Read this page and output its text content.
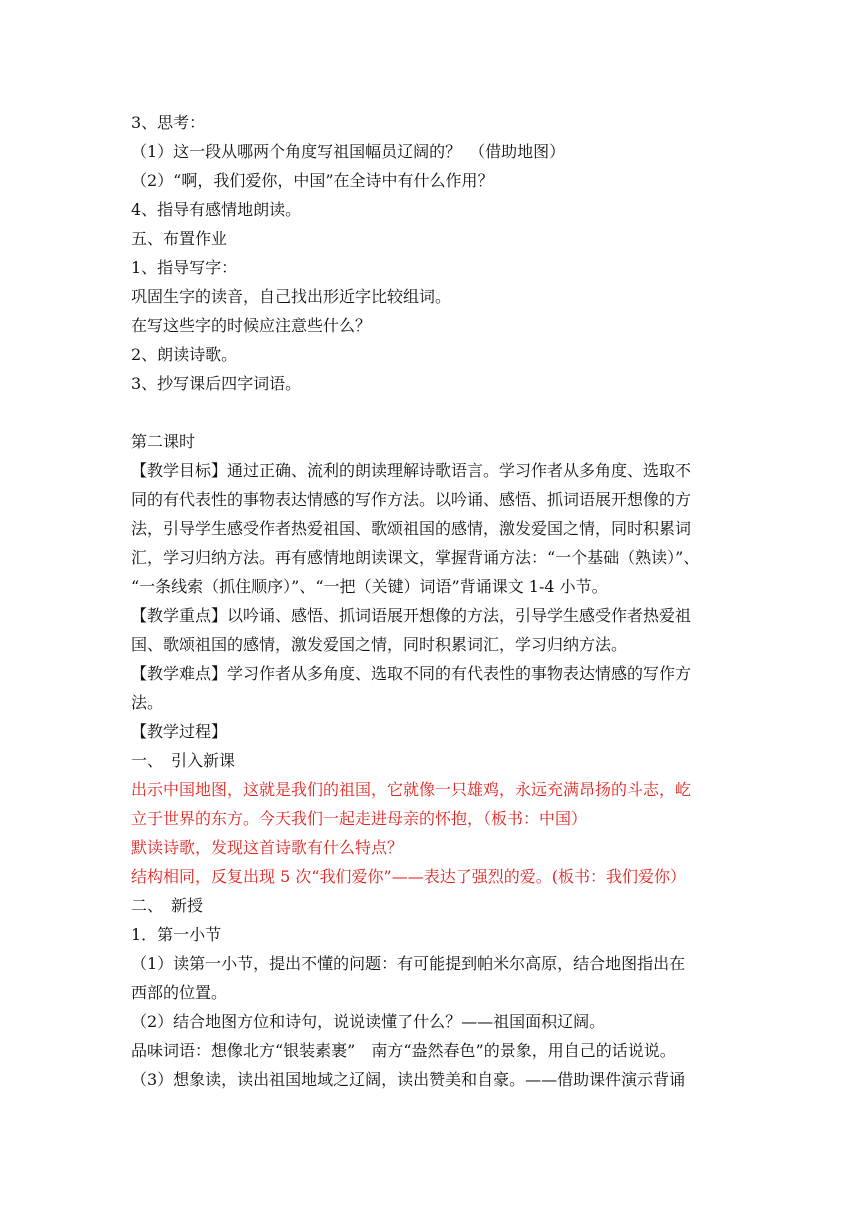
3、思考：
（1）这一段从哪两个角度写祖国幅员辽阔的？　（借助地图）
（2）“啊，我们爱你，中国”在全诗中有什么作用？
4、指导有感情地朗读。
五、布置作业
1、指导写字：
巩固生字的读音，自己找出形近字比较组词。
在写这些字的时候应注意些什么？
2、朗读诗歌。
3、抄写课后四字词语。
第二课时
【教学目标】通过正确、流利的朗读理解诗歌语言。学习作者从多角度、选取不
同的有代表性的事物表达情感的写作方法。以吟诵、感悟、抓词语展开想像的方
法，引导学生感受作者热爱祖国、歌颂祖国的感情，激发爱国之情，同时积累词
汇，学习归纳方法。再有感情地朗读课文，掌握背诵方法：“一个基础（熟读）”、
“一条线索（抓住顺序）”、“一把（关键）词语”背诵课文 1-4 小节。
【教学重点】以吟诵、感悟、抓词语展开想像的方法，引导学生感受作者热爱祖
国、歌颂祖国的感情，激发爱国之情，同时积累词汇，学习归纳方法。
【教学难点】学习作者从多角度、选取不同的有代表性的事物表达情感的写作方
法。
【教学过程】
一、　引入新课
出示中国地图，这就是我们的祖国，它就像一只雄鸡，永远充满昂扬的斗志，屹
立于世界的东方。今天我们一起走进母亲的怀抱，（板书：中国）
默读诗歌，发现这首诗歌有什么特点？
结构相同，反复出现 5 次“我们爱你”——表达了强烈的爱。(板书：我们爱你）
二、　新授
1．第一小节
（1）读第一小节，提出不懂的问题：有可能提到帕米尔高原，结合地图指出在
西部的位置。
（2）结合地图方位和诗句，说说读懂了什么？——祖国面积辽阔。
品味词语：想像北方“银装素裹”　南方“盎然春色”的景象，用自己的话说说。
（3）想象读，读出祖国地域之辽阔，读出赞美和自豪。——借助课件演示背诵
